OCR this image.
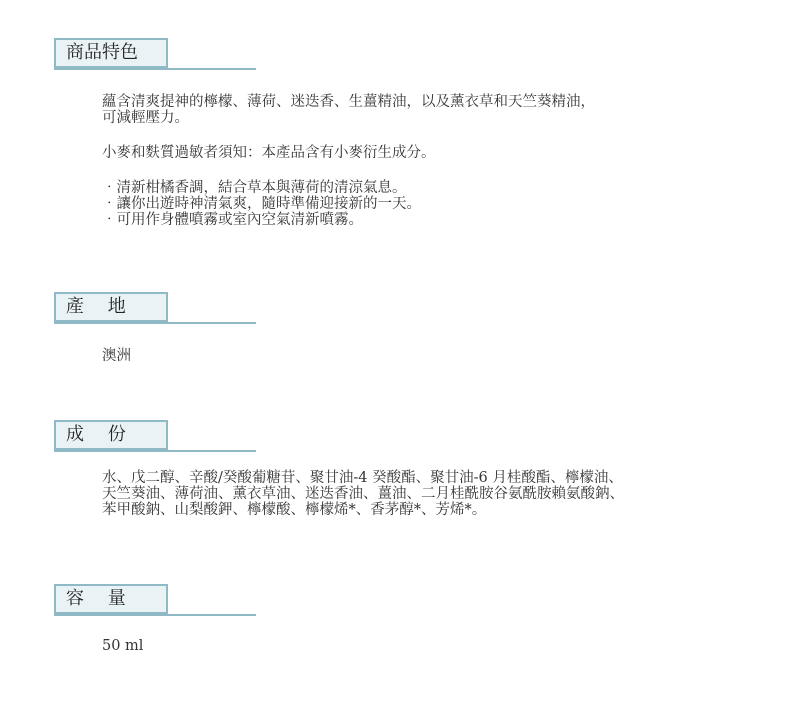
商品特色

蘊含清爽提神的檸檬、薄荷、迷迭香、生薑精油，以及薰衣草和天竺葵精油，
可減輕壓力。

小麥和麩質過敏者須知：本產品含有小麥衍生成分。

‧清新柑橘香調，結合草本與薄荷的清涼氣息。
‧讓你出遊時神清氣爽，隨時準備迎接新的一天。
‧可用作身體噴霧或室內空氣清新噴霧。
產　 地

澳洲

成　 份

水、戊二醇、辛酸/癸酸葡糖苷、聚甘油-4 癸酸酯、聚甘油-6 月桂酸酯、檸檬油、
天竺葵油、薄荷油、薰衣草油、迷迭香油、薑油、二月桂酰胺谷氨酰胺賴氨酸鈉、
苯甲酸鈉、山梨酸鉀、檸檬酸、檸檬烯*、香茅醇*、芳烯*。

容　 量

50 ml
